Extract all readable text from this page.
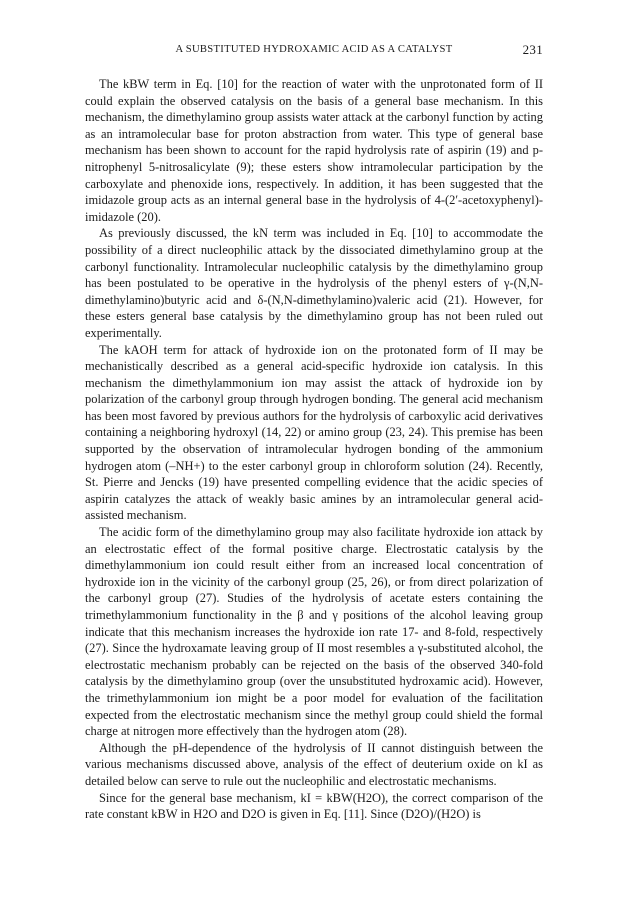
A SUBSTITUTED HYDROXAMIC ACID AS A CATALYST	231

The kBW term in Eq. [10] for the reaction of water with the unprotonated form of II could explain the observed catalysis on the basis of a general base mechanism. In this mechanism, the dimethylamino group assists water attack at the carbonyl function by acting as an intramolecular base for proton abstraction from water. This type of general base mechanism has been shown to account for the rapid hydrolysis rate of aspirin (19) and p-nitrophenyl 5-nitrosalicylate (9); these esters show intramolecular participation by the carboxylate and phenoxide ions, respectively. In addition, it has been suggested that the imidazole group acts as an internal general base in the hydrolysis of 4-(2′-acetoxyphenyl)-imidazole (20).

As previously discussed, the kN term was included in Eq. [10] to accommodate the possibility of a direct nucleophilic attack by the dissociated dimethylamino group at the carbonyl functionality. Intramolecular nucleophilic catalysis by the dimethylamino group has been postulated to be operative in the hydrolysis of the phenyl esters of γ-(N,N-dimethylamino)butyric acid and δ-(N,N-dimethylamino)valeric acid (21). However, for these esters general base catalysis by the dimethylamino group has not been ruled out experimentally.

The kAOH term for attack of hydroxide ion on the protonated form of II may be mechanistically described as a general acid-specific hydroxide ion catalysis. In this mechanism the dimethylammonium ion may assist the attack of hydroxide ion by polarization of the carbonyl group through hydrogen bonding. The general acid mechanism has been most favored by previous authors for the hydrolysis of carboxylic acid derivatives containing a neighboring hydroxyl (14, 22) or amino group (23, 24). This premise has been supported by the observation of intramolecular hydrogen bonding of the ammonium hydrogen atom (–NH+) to the ester carbonyl group in chloroform solution (24). Recently, St. Pierre and Jencks (19) have presented compelling evidence that the acidic species of aspirin catalyzes the attack of weakly basic amines by an intramolecular general acid-assisted mechanism.

The acidic form of the dimethylamino group may also facilitate hydroxide ion attack by an electrostatic effect of the formal positive charge. Electrostatic catalysis by the dimethylammonium ion could result either from an increased local concentration of hydroxide ion in the vicinity of the carbonyl group (25, 26), or from direct polarization of the carbonyl group (27). Studies of the hydrolysis of acetate esters containing the trimethylammonium functionality in the β and γ positions of the alcohol leaving group indicate that this mechanism increases the hydroxide ion rate 17- and 8-fold, respectively (27). Since the hydroxamate leaving group of II most resembles a γ-substituted alcohol, the electrostatic mechanism probably can be rejected on the basis of the observed 340-fold catalysis by the dimethylamino group (over the unsubstituted hydroxamic acid). However, the trimethylammonium ion might be a poor model for evaluation of the facilitation expected from the electrostatic mechanism since the methyl group could shield the formal charge at nitrogen more effectively than the hydrogen atom (28).

Although the pH-dependence of the hydrolysis of II cannot distinguish between the various mechanisms discussed above, analysis of the effect of deuterium oxide on kI as detailed below can serve to rule out the nucleophilic and electrostatic mechanisms.

Since for the general base mechanism, kI = kBW(H2O), the correct comparison of the rate constant kBW in H2O and D2O is given in Eq. [11]. Since (D2O)/(H2O) is
